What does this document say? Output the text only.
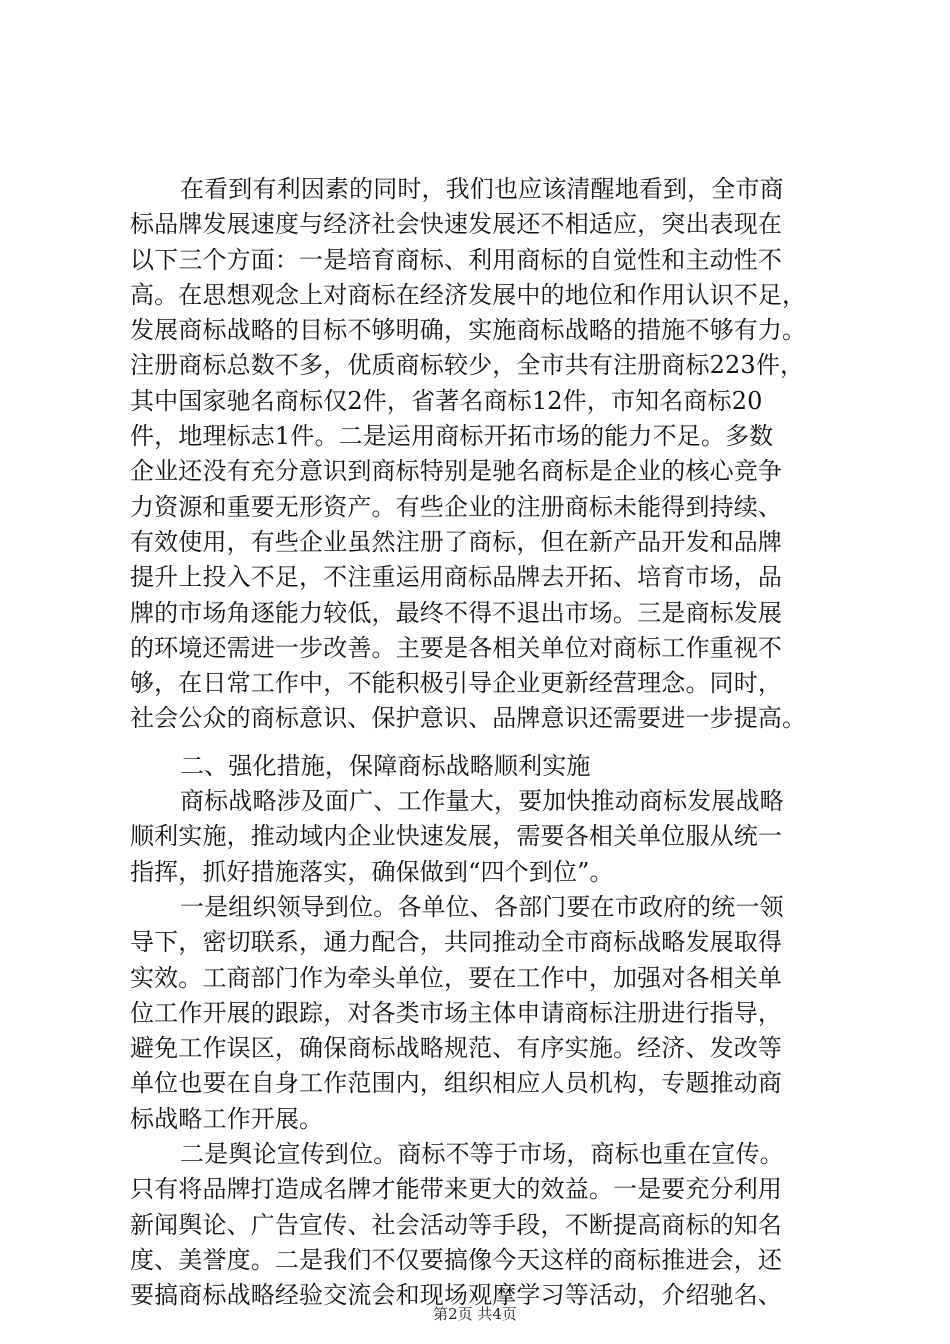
在看到有利因素的同时，我们也应该清醒地看到，全市商
标品牌发展速度与经济社会快速发展还不相适应，突出表现在
以下三个方面：一是培育商标、利用商标的自觉性和主动性不
高。在思想观念上对商标在经济发展中的地位和作用认识不足，
发展商标战略的目标不够明确，实施商标战略的措施不够有力。
注册商标总数不多，优质商标较少，全市共有注册商标223件，
其中国家驰名商标仅2件，省著名商标12件，市知名商标20
件，地理标志1件。二是运用商标开拓市场的能力不足。多数
企业还没有充分意识到商标特别是驰名商标是企业的核心竞争
力资源和重要无形资产。有些企业的注册商标未能得到持续、
有效使用，有些企业虽然注册了商标，但在新产品开发和品牌
提升上投入不足，不注重运用商标品牌去开拓、培育市场，品
牌的市场角逐能力较低，最终不得不退出市场。三是商标发展
的环境还需进一步改善。主要是各相关单位对商标工作重视不
够，在日常工作中，不能积极引导企业更新经营理念。同时，
社会公众的商标意识、保护意识、品牌意识还需要进一步提高。
二、强化措施，保障商标战略顺利实施
商标战略涉及面广、工作量大，要加快推动商标发展战略
顺利实施，推动域内企业快速发展，需要各相关单位服从统一
指挥，抓好措施落实，确保做到“四个到位”。
一是组织领导到位。各单位、各部门要在市政府的统一领
导下，密切联系，通力配合，共同推动全市商标战略发展取得
实效。工商部门作为牵头单位，要在工作中，加强对各相关单
位工作开展的跟踪，对各类市场主体申请商标注册进行指导，
避免工作误区，确保商标战略规范、有序实施。经济、发改等
单位也要在自身工作范围内，组织相应人员机构，专题推动商
标战略工作开展。
二是舆论宣传到位。商标不等于市场，商标也重在宣传。
只有将品牌打造成名牌才能带来更大的效益。一是要充分利用
新闻舆论、广告宣传、社会活动等手段，不断提高商标的知名
度、美誉度。二是我们不仅要搞像今天这样的商标推进会，还
要搞商标战略经验交流会和现场观摩学习等活动，介绍驰名、
第2页 共4页
